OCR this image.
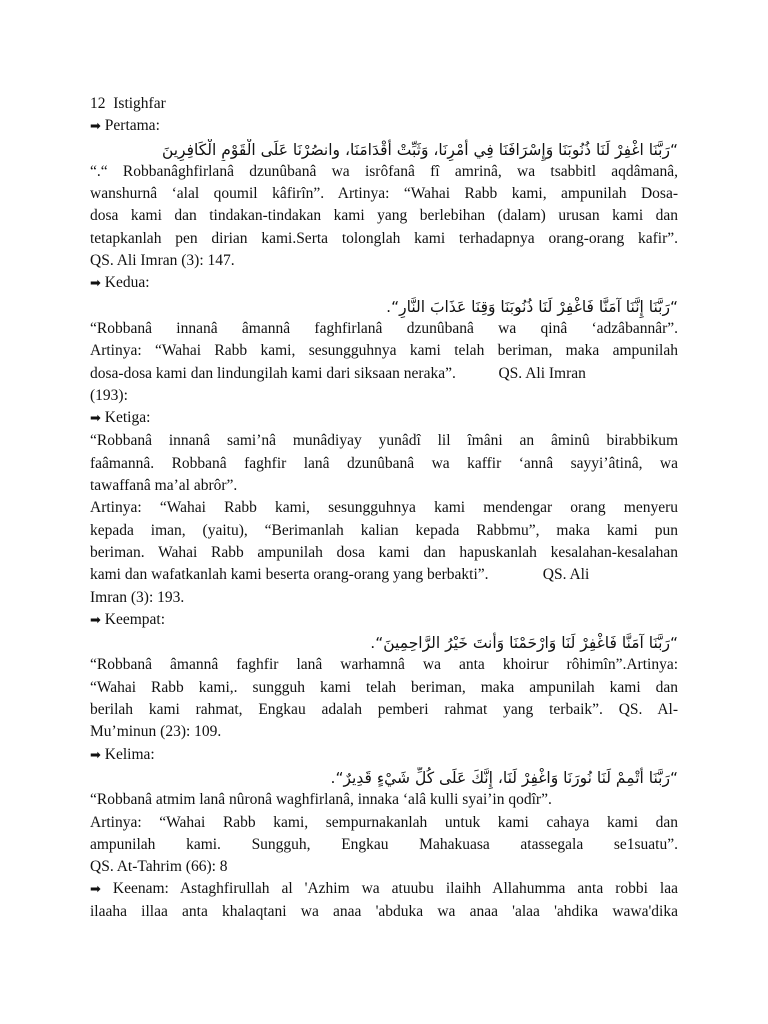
12  Istighfar
➡ Pertama:
“رَبَّنَا اغْفِرْ لَنَا ذُنُوبَنَا وَإِسْرَافَنَا فِي أَمْرِنَا، وَثَبِّتْ أَقْدَامَنَا، وانصُرْنَا عَلَى الْقَوْمِ الْكَافِرِينَ
“.“ Robbanâghfirlanâ dzunûbanâ wa isrôfanâ fî amrinâ, wa tsabbitl aqdâmanâ,
wanshurnâ ‘alal qoumil kâfirîn”. Artinya: “Wahai Rabb kami, ampunilah Dosa-
dosa kami dan tindakan-tindakan kami yang berlebihan (dalam) urusan kami dan
tetapkanlah pen dirian kami.Serta tolonglah kami terhadapnya orang-orang kafir”.
QS. Ali Imran (3): 147.
➡ Kedua:
“رَبَّنَا إِنَّنَا آمَنَّا فَاغْفِرْ لَنَا ذُنُوبَنَا وَقِنَا عَذَابَ النَّارِ“.
“Robbanâ innanâ âmannâ faghfirlanâ dzunûbanâ wa qinâ ‘adzâbannâr”.
Artinya: “Wahai Rabb kami, sesungguhnya kami telah beriman, maka ampunilah
dosa-dosa kami dan lindungilah kami dari siksaan neraka”.           QS. Ali Imran
(193):
➡ Ketiga:
“Robbanâ innanâ sami’nâ munâdiyay yunâdî lil îmâni an âminû birabbikum
faâmannâ. Robbanâ faghfir lanâ dzunûbanâ wa kaffir ‘annâ sayyi’âtinâ, wa
tawaffanâ ma’al abrôr”.
Artinya: “Wahai Rabb kami, sesungguhnya kami mendengar orang menyeru
kepada iman, (yaitu), “Berimanlah kalian kepada Rabbmu”, maka kami pun
beriman. Wahai Rabb ampunilah dosa kami dan hapuskanlah kesalahan-kesalahan
kami dan wafatkanlah kami beserta orang-orang yang berbakti”.              QS. Ali
Imran (3): 193.
➡ Keempat:
“رَبَّنَا آمَنَّا فَاغْفِرْ لَنَا وَارْحَمْنَا وَأَنتَ خَيْرُ الرَّاحِمِينَ“.
“Robbanâ âmannâ faghfir lanâ warhamnâ wa anta khoirur rôhimîn”.Artinya:
“Wahai Rabb kami,. sungguh kami telah beriman, maka ampunilah kami dan
berilah kami rahmat, Engkau adalah pemberi rahmat yang terbaik”. QS. Al-
Mu’minun (23): 109.
➡ Kelima:
“رَبَّنَا أَتْمِمْ لَنَا نُورَنَا وَاغْفِرْ لَنَا، إِنَّكَ عَلَى كُلِّ شَيْءٍ قَدِيرٌ“.
“Robbanâ atmim lanâ nûronâ waghfirlanâ, innaka ‘alâ kulli syai’in qodîr”.
Artinya: “Wahai Rabb kami, sempurnakanlah untuk kami cahaya kami dan
ampunilah kami. Sungguh, Engkau Mahakuasa atassegala se1suatu”.
QS. At-Tahrim (66): 8
➡ Keenam: Astaghfirullah al 'Azhim wa atuubu ilaihh Allahumma anta robbi laa
ilaaha illaa anta khalaqtani wa anaa 'abduka wa anaa 'alaa 'ahdika wawa'dika
